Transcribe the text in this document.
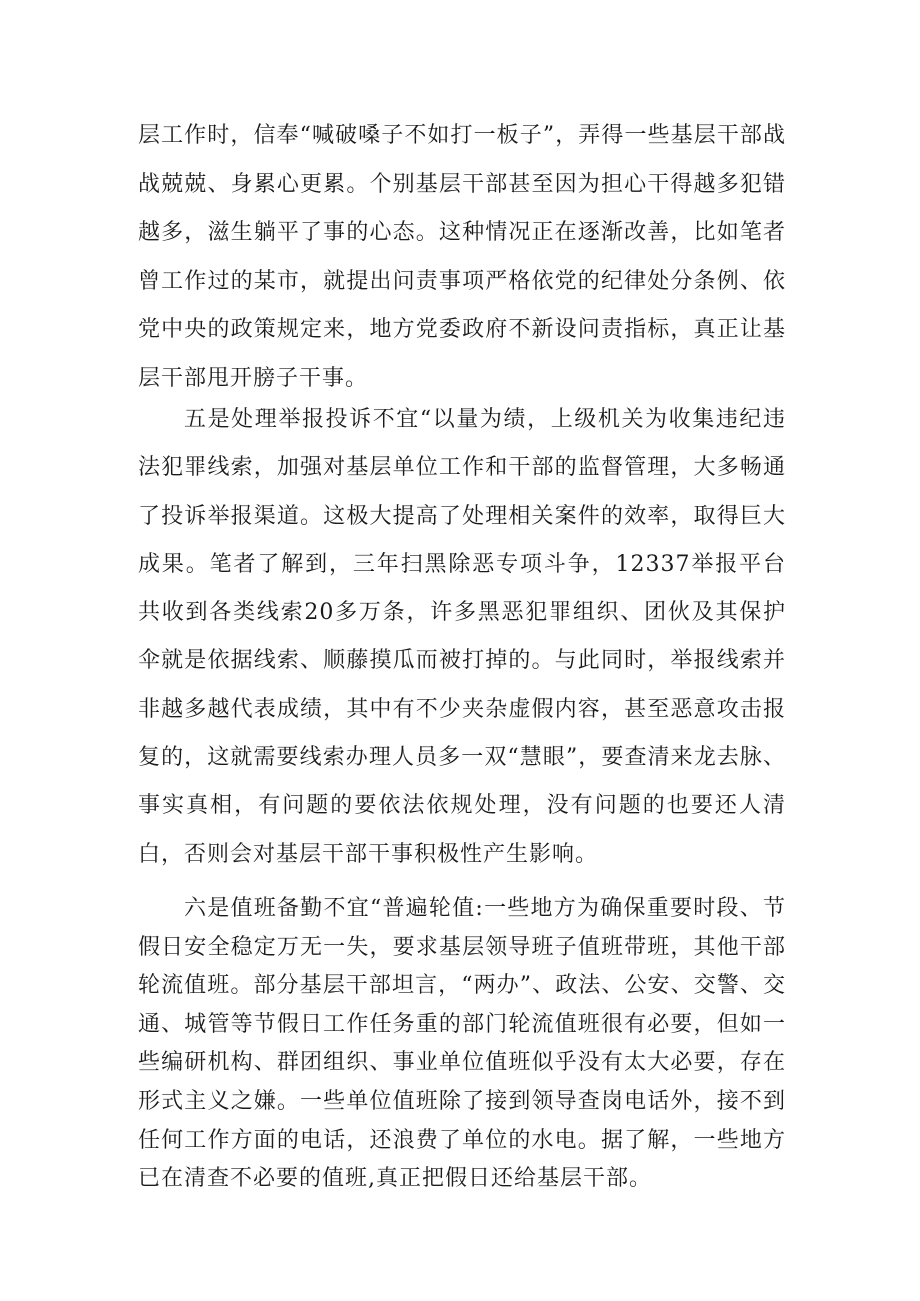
层工作时，信奉“喊破嗓子不如打一板子”，弄得一些基层干部战战兢兢、身累心更累。个别基层干部甚至因为担心干得越多犯错越多，滋生躺平了事的心态。这种情况正在逐渐改善，比如笔者曾工作过的某市，就提出问责事项严格依党的纪律处分条例、依党中央的政策规定来，地方党委政府不新设问责指标，真正让基层干部甩开膀子干事。

五是处理举报投诉不宜“以量为绩，上级机关为收集违纪违法犯罪线索，加强对基层单位工作和干部的监督管理，大多畅通了投诉举报渠道。这极大提高了处理相关案件的效率，取得巨大成果。笔者了解到，三年扫黑除恶专项斗争，12337举报平台共收到各类线索20多万条，许多黑恶犯罪组织、团伙及其保护伞就是依据线索、顺藤摸瓜而被打掉的。与此同时，举报线索并非越多越代表成绩，其中有不少夹杂虚假内容，甚至恶意攻击报复的，这就需要线索办理人员多一双“慧眼”，要查清来龙去脉、事实真相，有问题的要依法依规处理，没有问题的也要还人清白，否则会对基层干部干事积极性产生影响。

六是值班备勤不宜“普遍轮值:一些地方为确保重要时段、节假日安全稳定万无一失，要求基层领导班子值班带班，其他干部轮流值班。部分基层干部坦言，“两办”、政法、公安、交警、交通、城管等节假日工作任务重的部门轮流值班很有必要，但如一些编研机构、群团组织、事业单位值班似乎没有太大必要，存在形式主义之嫌。一些单位值班除了接到领导查岗电话外，接不到任何工作方面的电话，还浪费了单位的水电。据了解，一些地方已在清查不必要的值班,真正把假日还给基层干部。
